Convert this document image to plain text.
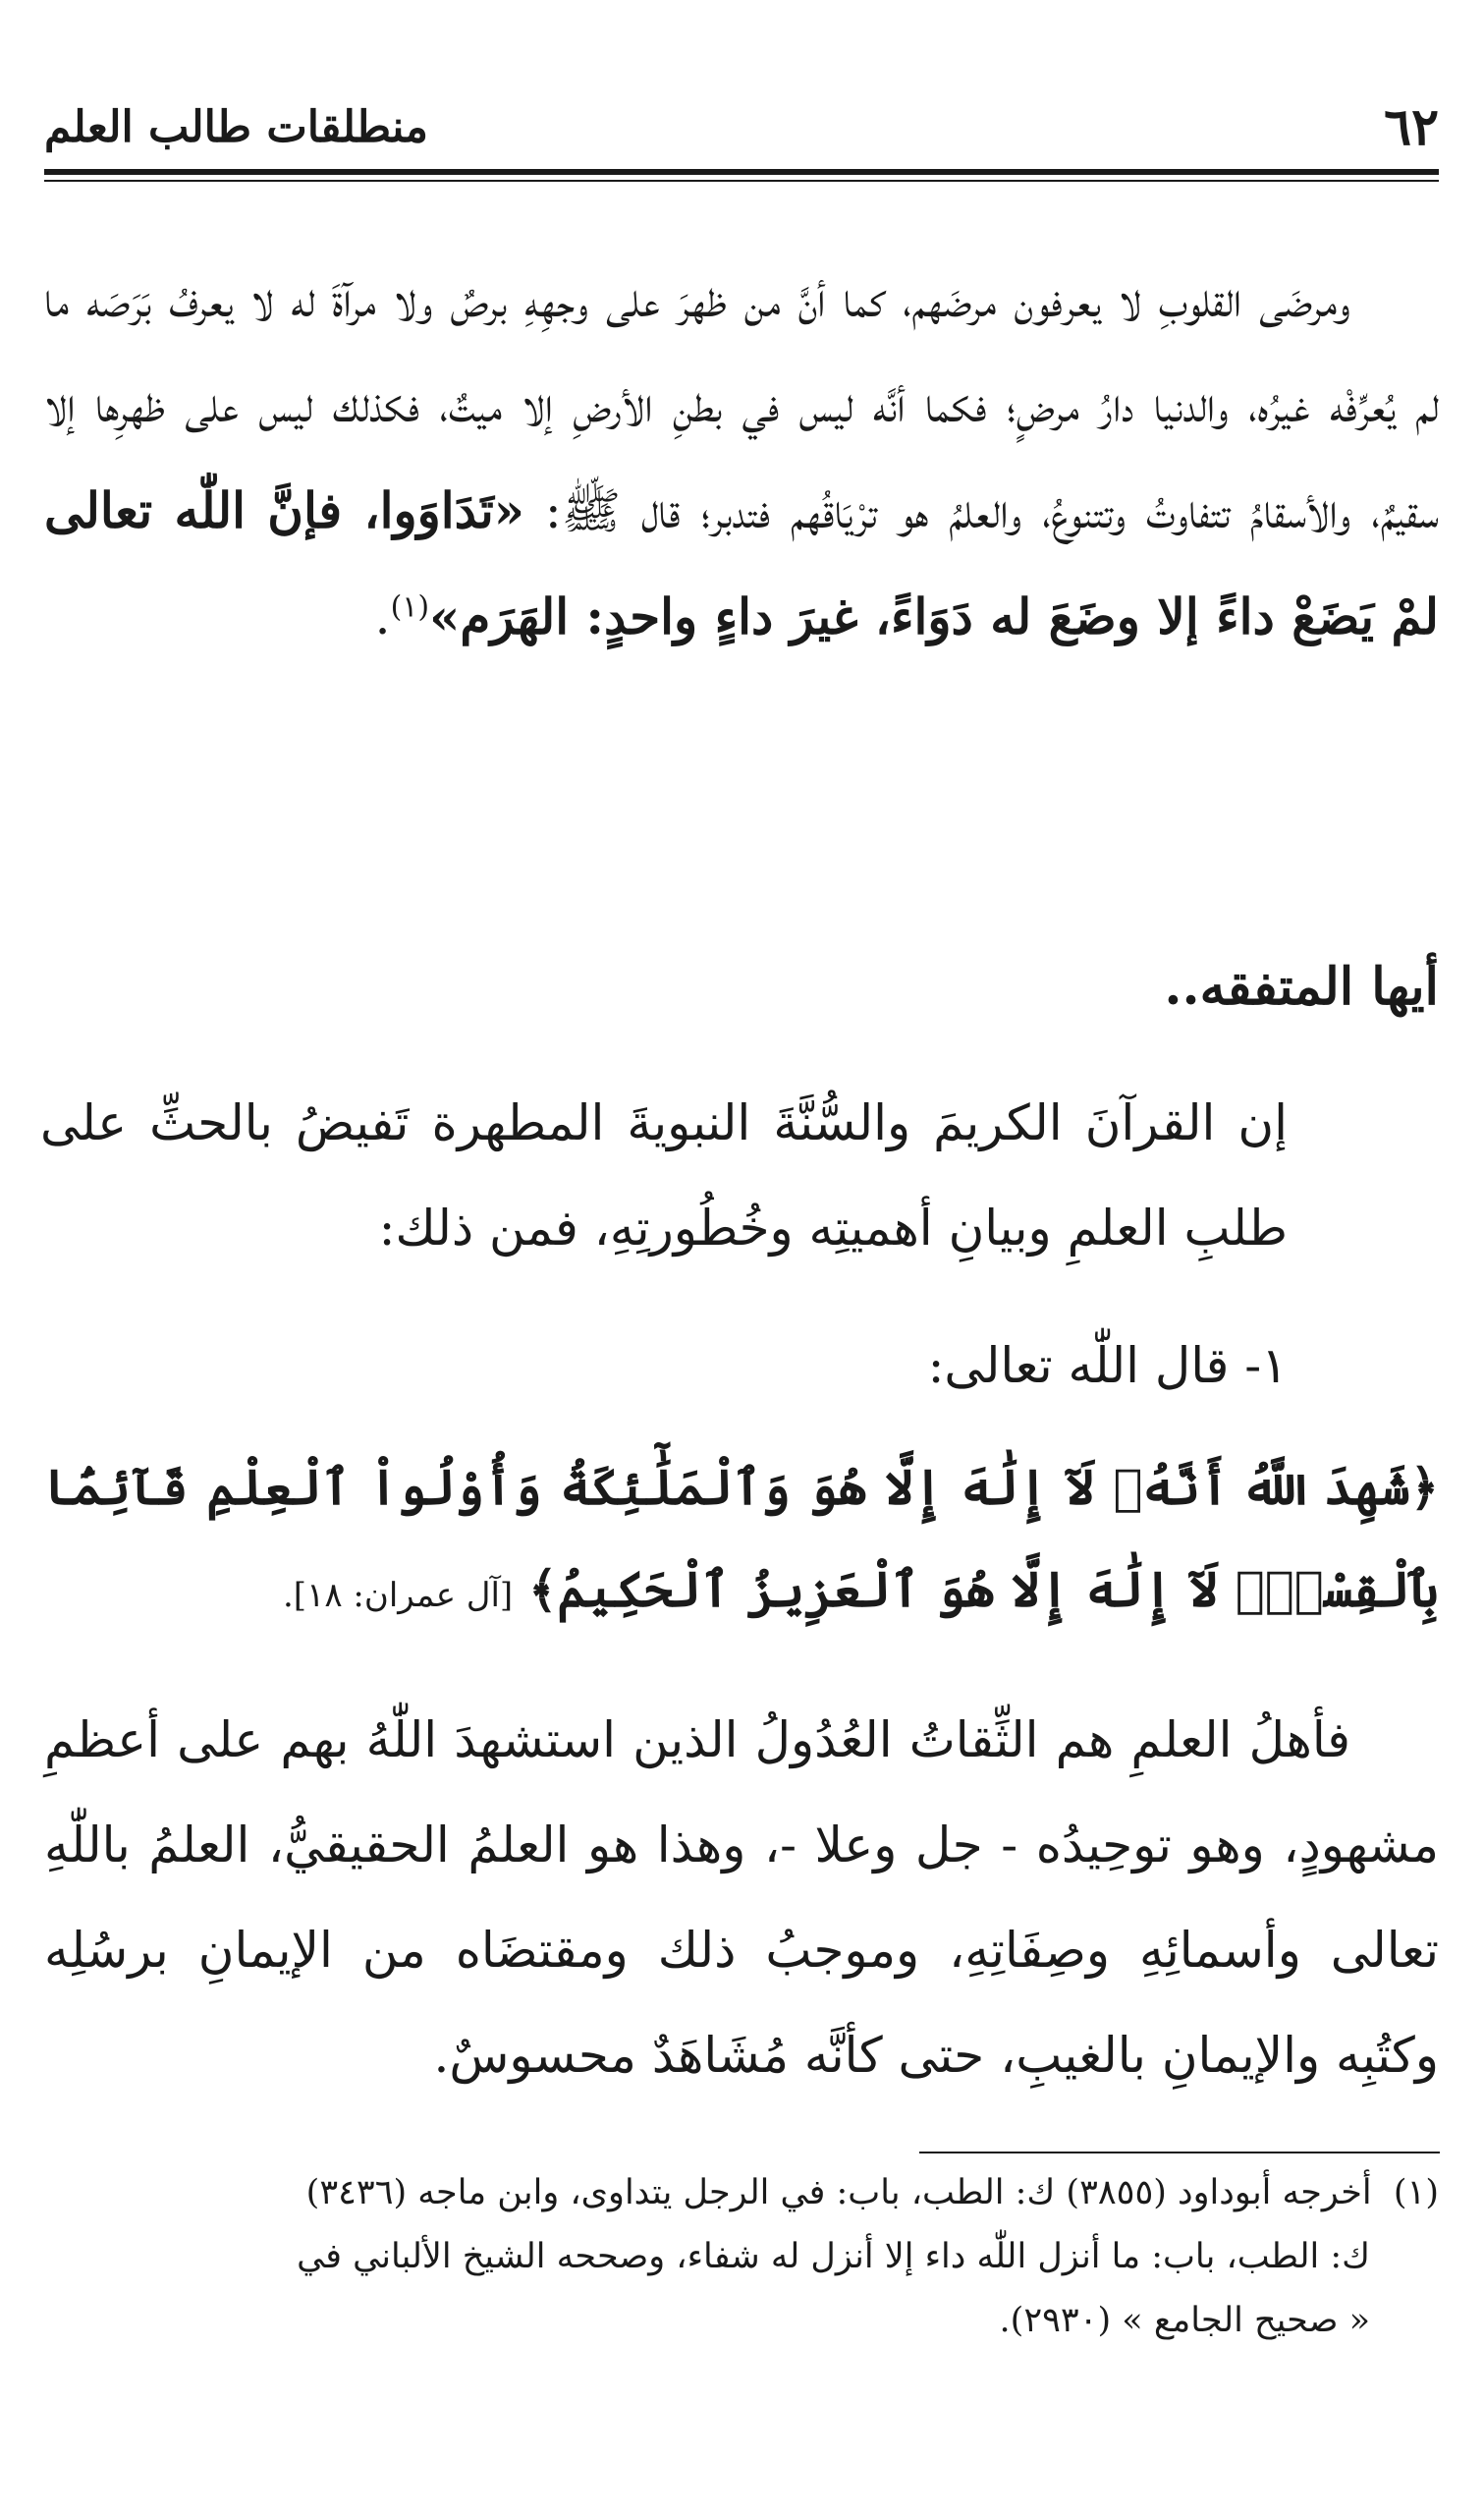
٦٢
منطلقات طالب العلم
ومرضَى القلوبِ لا يعرفون مرضَهم، كما أنَّ من ظهرَ على وجهِهِ برصٌ ولا مرآةَ له لا يعرفُ بَرَصَه ما لم يُعرِّفْه غيرُه، والدنيا دارُ مرضٍ؛ فكما أنَّه ليس في بطنِ الأرضِ إلا ميتٌ، فكذلك ليس على ظهرِها إلا سقيمٌ، والأسقامُ تتفاوتُ وتتنوعُ، والعلمُ هو ترْيَاقُهم فتدبر؛ قال ﷺ: «تَدَاوَوا، فإنَّ اللّٰه تعالى لمْ يَضَعْ داءً إلا وضَعَ له دَوَاءً، غيرَ داءٍ واحدٍ: الهَرَم»$^{(١)}$.
أيها المتفقه..
إن القرآنَ الكريمَ والسُّنَّةَ النبويةَ المطهرة تَفيضُ بالحثِّ على طلبِ العلمِ وبيانِ أهميتِه وخُطُورتِهِ، فمن ذلك:
١- قال اللّٰه تعالى:
﴿شَهِدَ اللَّهُ أَنَّهُۥ لَآ إِلَٰهَ إِلَّا هُوَ وَٱلْمَلَٰٓئِكَةُ وَأُوْلُواْ ٱلْعِلْمِ قَآئِمَۢا بِٱلْقِسْطِۚ لَآ إِلَٰهَ إِلَّا هُوَ ٱلْعَزِيزُ ٱلْحَكِيمُ﴾ [آل عمران: ١٨].
فأهلُ العلمِ هم الثِّقاتُ العُدُولُ الذين استشهدَ اللّٰهُ بهم على أعظمِ مشهودٍ، وهو توحِيدُه - جل وعلا -، وهذا هو العلمُ الحقيقيُّ، العلمُ باللّٰهِ تعالى وأسمائِهِ وصِفَاتِهِ، وموجبُ ذلك ومقتضَاه من الإيمانِ برسُلِه وكتُبِه والإيمانِ بالغيبِ، حتى كأنَّه مُشَاهَدٌ محسوسٌ.
(١)  أخرجه أبوداود (٣٨٥٥) ك: الطب، باب: في الرجل يتداوى، وابن ماجه (٣٤٣٦)
ك: الطب، باب: ما أنزل اللّٰه داء إلا أنزل له شفاء، وصححه الشيخ الألباني في
« صحيح الجامع » (٢٩٣٠).
